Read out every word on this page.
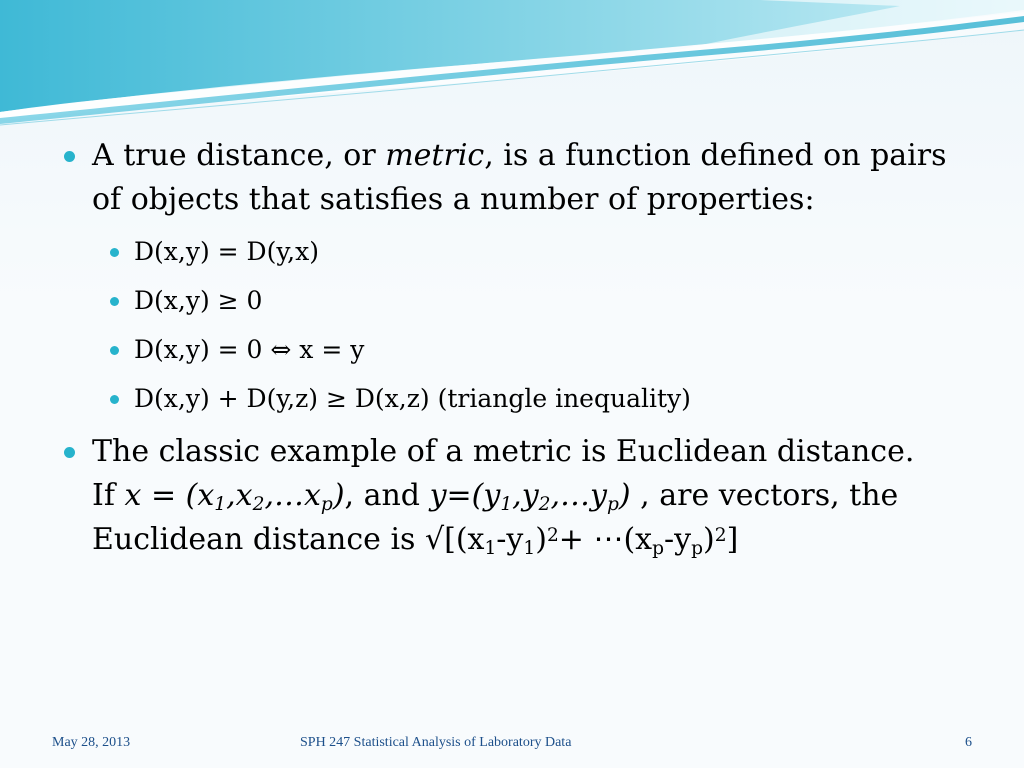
A true distance, or metric, is a function defined on pairs of objects that satisfies a number of properties:
D(x,y) = D(y,x)
D(x,y) ≥ 0
D(x,y) = 0 ⇔ x = y
D(x,y) + D(y,z) ≥ D(x,z) (triangle inequality)
The classic example of a metric is Euclidean distance.
If $x = (x_1,x_2,\dots x_p)$, and $y=(y_1,y_2,\dots y_p)$ , are vectors, the
Euclidean distance is $√[(x_1-y_1)^2+$ $\cdots(x_p-y_p)^2$]
May 28, 2013	SPH 247 Statistical Analysis of Laboratory Data	6
